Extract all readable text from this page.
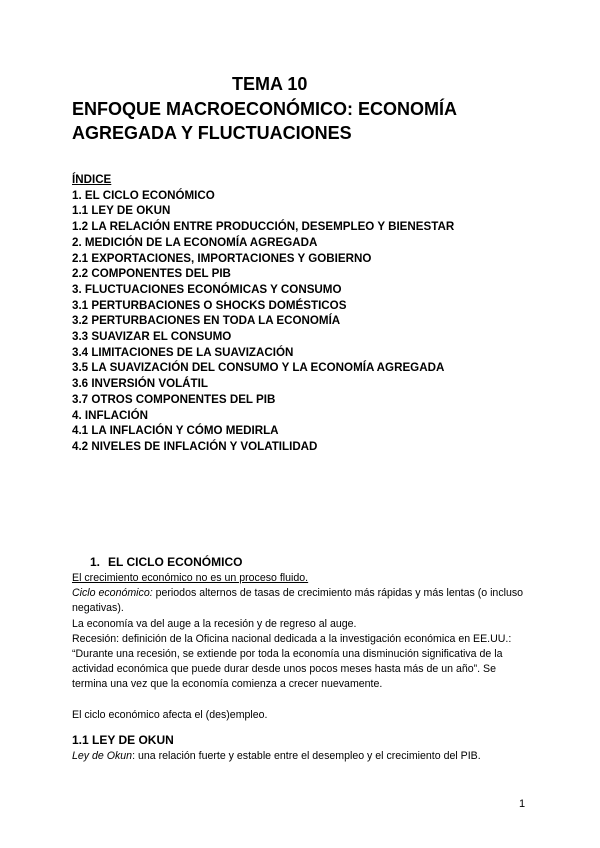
TEMA 10
ENFOQUE MACROECONÓMICO: ECONOMÍA
AGREGADA Y FLUCTUACIONES
ÍNDICE
1. EL CICLO ECONÓMICO
1.1 LEY DE OKUN
1.2 LA RELACIÓN ENTRE PRODUCCIÓN, DESEMPLEO Y BIENESTAR
2. MEDICIÓN DE LA ECONOMÍA AGREGADA
2.1 EXPORTACIONES, IMPORTACIONES Y GOBIERNO
2.2 COMPONENTES DEL PIB
3. FLUCTUACIONES ECONÓMICAS Y CONSUMO
3.1 PERTURBACIONES O SHOCKS DOMÉSTICOS
3.2 PERTURBACIONES EN TODA LA ECONOMÍA
3.3 SUAVIZAR EL CONSUMO
3.4 LIMITACIONES DE LA SUAVIZACIÓN
3.5 LA SUAVIZACIÓN DEL CONSUMO Y LA ECONOMÍA AGREGADA
3.6 INVERSIÓN VOLÁTIL
3.7 OTROS COMPONENTES DEL PIB
4. INFLACIÓN
4.1 LA INFLACIÓN Y CÓMO MEDIRLA
4.2 NIVELES DE INFLACIÓN Y VOLATILIDAD
1. EL CICLO ECONÓMICO

El crecimiento económico no es un proceso fluido.

Ciclo económico: periodos alternos de tasas de crecimiento más rápidas y más lentas (o incluso negativas).

La economía va del auge a la recesión y de regreso al auge.

Recesión: definición de la Oficina nacional dedicada a la investigación económica en EE.UU.: “Durante una recesión, se extiende por toda la economía una disminución significativa de la actividad económica que puede durar desde unos pocos meses hasta más de un año”. Se termina una vez que la economía comienza a crecer nuevamente.

El ciclo económico afecta el (des)empleo.

1.1 LEY DE OKUN
Ley de Okun: una relación fuerte y estable entre el desempleo y el crecimiento del PIB.
1
